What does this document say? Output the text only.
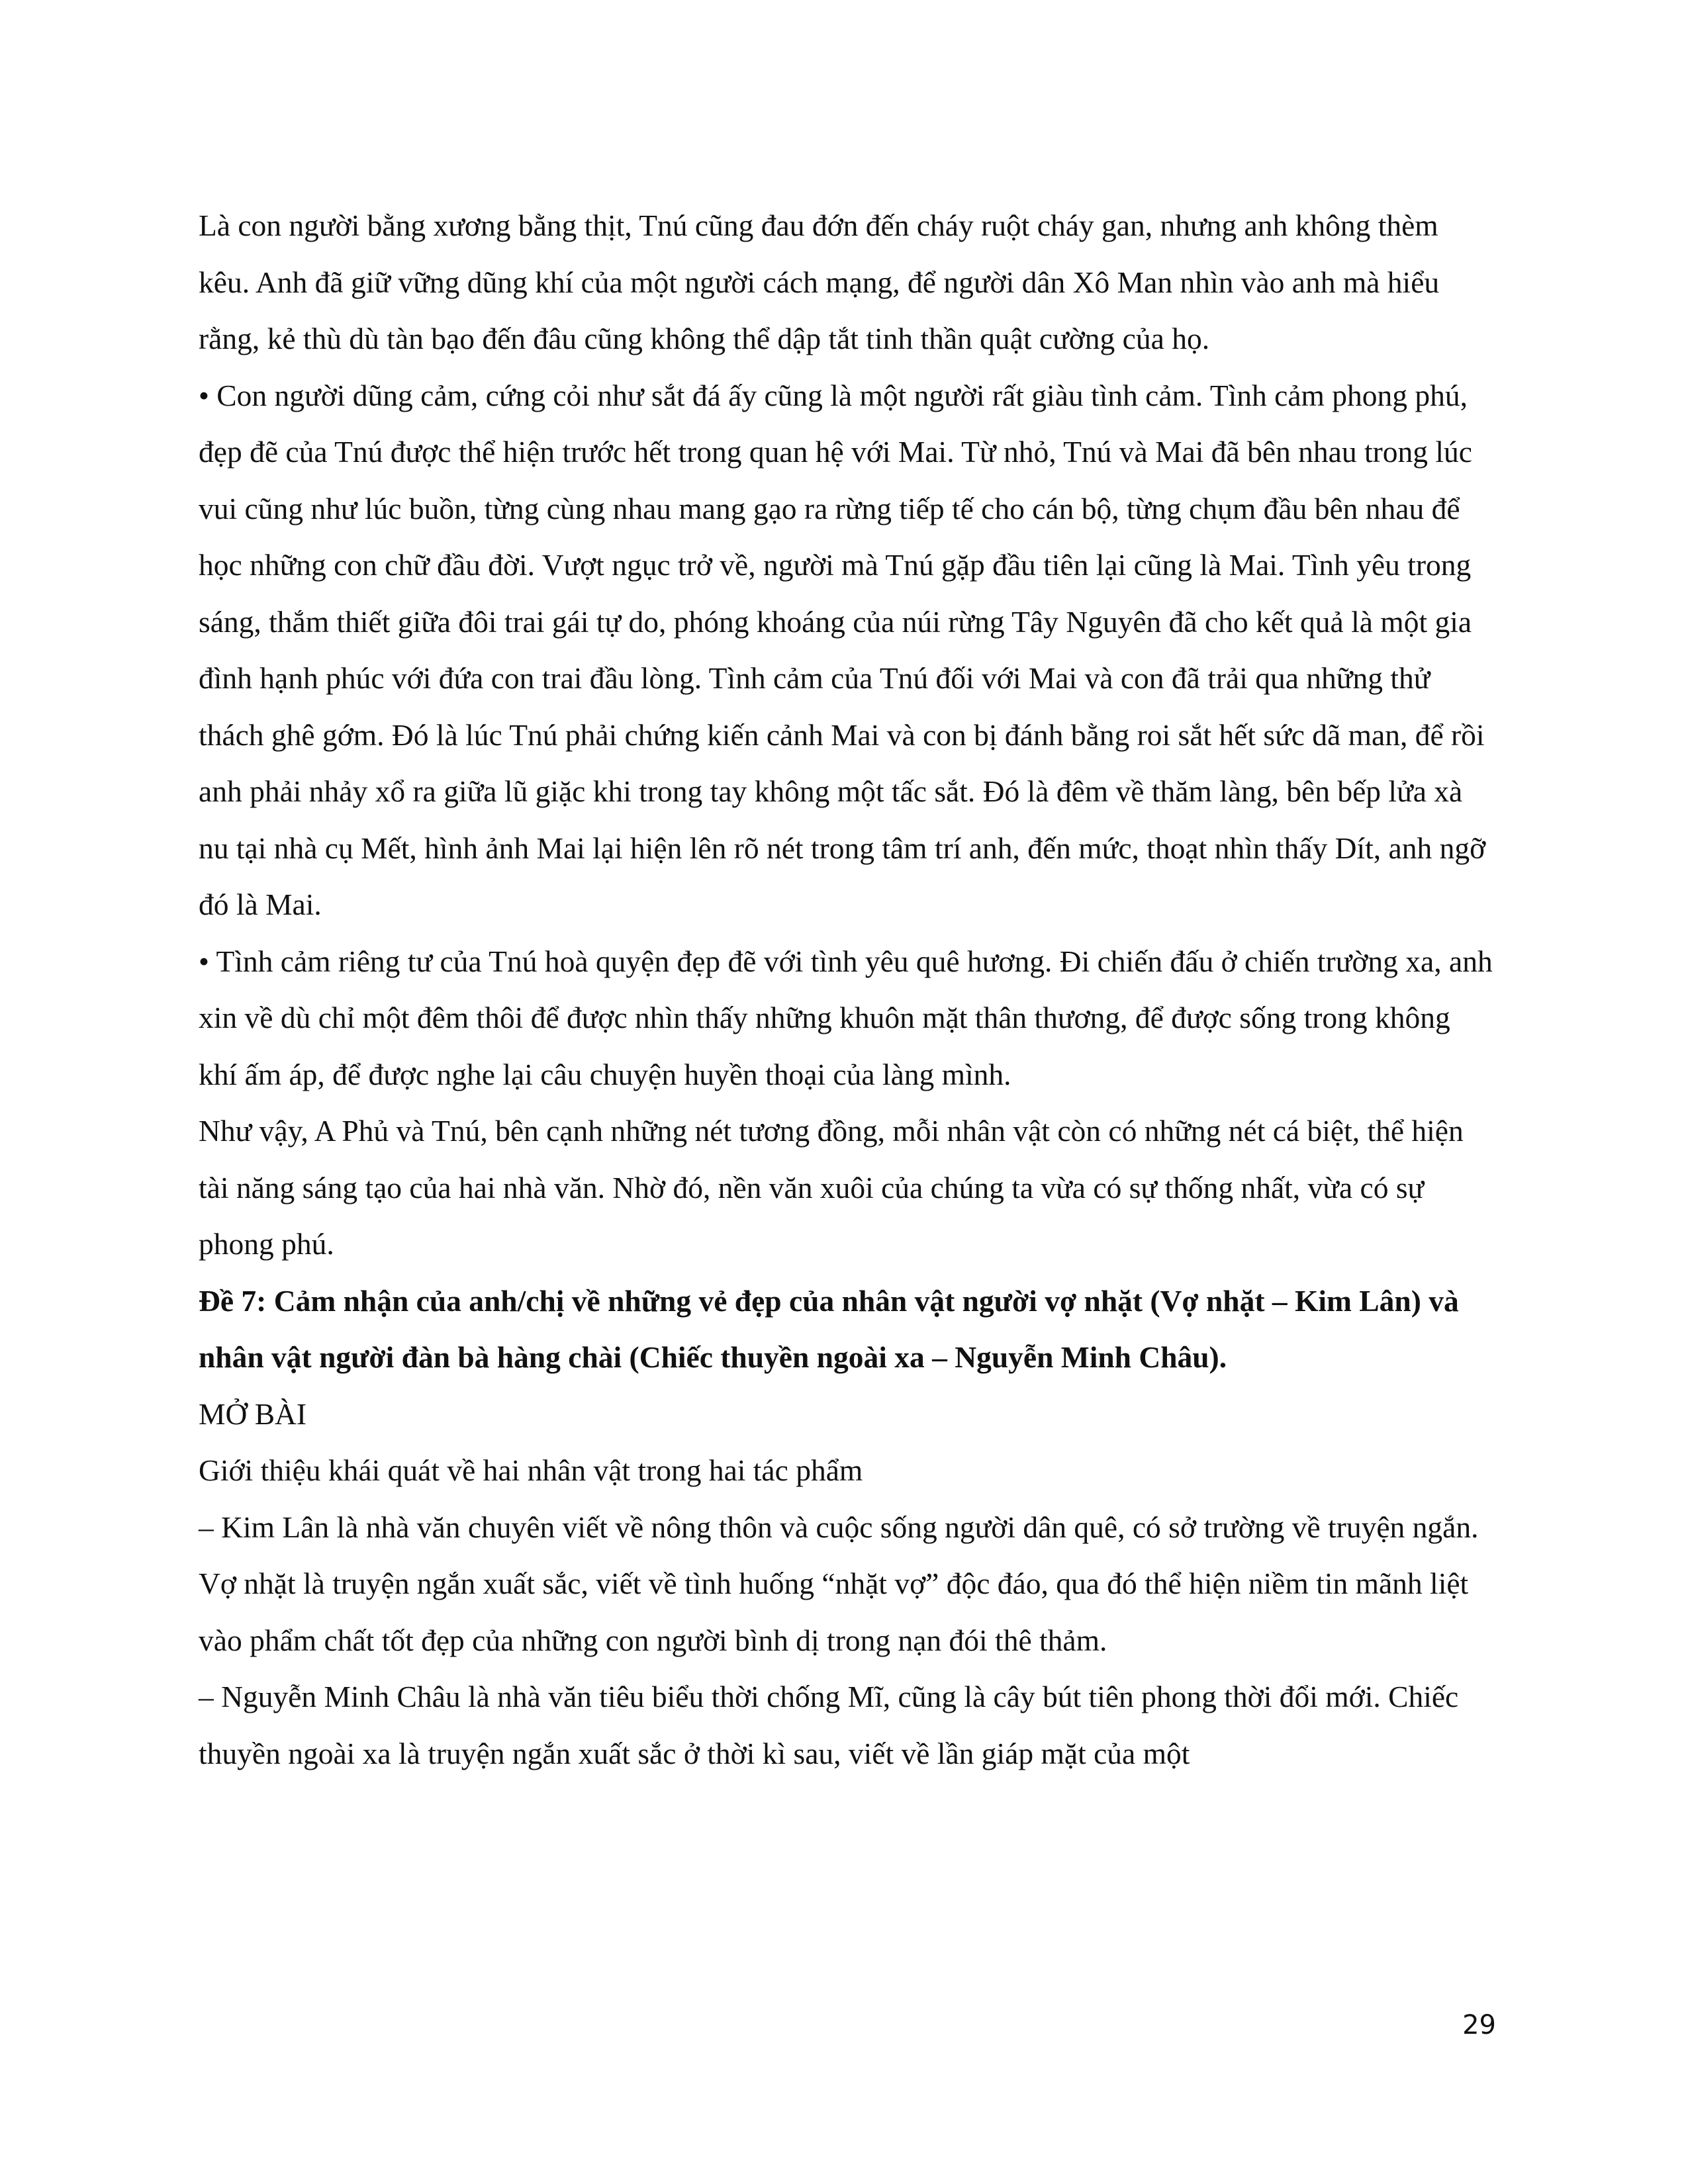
Là con người bằng xương bằng thịt, Tnú cũng đau đớn đến cháy ruột cháy gan, nhưng anh không thèm kêu. Anh đã giữ vững dũng khí của một người cách mạng, để người dân Xô Man nhìn vào anh mà hiểu rằng, kẻ thù dù tàn bạo đến đâu cũng không thể dập tắt tinh thần quật cường của họ.

• Con người dũng cảm, cứng cỏi như sắt đá ấy cũng là một người rất giàu tình cảm. Tình cảm phong phú, đẹp đẽ của Tnú được thể hiện trước hết trong quan hệ với Mai. Từ nhỏ, Tnú và Mai đã bên nhau trong lúc vui cũng như lúc buồn, từng cùng nhau mang gạo ra rừng tiếp tế cho cán bộ, từng chụm đầu bên nhau để học những con chữ đầu đời. Vượt ngục trở về, người mà Tnú gặp đầu tiên lại cũng là Mai. Tình yêu trong sáng, thắm thiết giữa đôi trai gái tự do, phóng khoáng của núi rừng Tây Nguyên đã cho kết quả là một gia đình hạnh phúc với đứa con trai đầu lòng. Tình cảm của Tnú đối với Mai và con đã trải qua những thử thách ghê gớm. Đó là lúc Tnú phải chứng kiến cảnh Mai và con bị đánh bằng roi sắt hết sức dã man, để rồi anh phải nhảy xổ ra giữa lũ giặc khi trong tay không một tấc sắt. Đó là đêm về thăm làng, bên bếp lửa xà nu tại nhà cụ Mết, hình ảnh Mai lại hiện lên rõ nét trong tâm trí anh, đến mức, thoạt nhìn thấy Dít, anh ngỡ đó là Mai.

• Tình cảm riêng tư của Tnú hoà quyện đẹp đẽ với tình yêu quê hương. Đi chiến đấu ở chiến trường xa, anh xin về dù chỉ một đêm thôi để được nhìn thấy những khuôn mặt thân thương, để được sống trong không khí ấm áp, để được nghe lại câu chuyện huyền thoại của làng mình.

Như vậy, A Phủ và Tnú, bên cạnh những nét tương đồng, mỗi nhân vật còn có những nét cá biệt, thể hiện tài năng sáng tạo của hai nhà văn. Nhờ đó, nền văn xuôi của chúng ta vừa có sự thống nhất, vừa có sự phong phú.

Đề 7: Cảm nhận của anh/chị về những vẻ đẹp của nhân vật người vợ nhặt (Vợ nhặt – Kim Lân) và nhân vật người đàn bà hàng chài (Chiếc thuyền ngoài xa – Nguyễn Minh Châu).

MỞ BÀI

Giới thiệu khái quát về hai nhân vật trong hai tác phẩm

– Kim Lân là nhà văn chuyên viết về nông thôn và cuộc sống người dân quê, có sở trường về truyện ngắn. Vợ nhặt là truyện ngắn xuất sắc, viết về tình huống “nhặt vợ” độc đáo, qua đó thể hiện niềm tin mãnh liệt vào phẩm chất tốt đẹp của những con người bình dị trong nạn đói thê thảm.

– Nguyễn Minh Châu là nhà văn tiêu biểu thời chống Mĩ, cũng là cây bút tiên phong thời đổi mới. Chiếc thuyền ngoài xa là truyện ngắn xuất sắc ở thời kì sau, viết về lần giáp mặt của một

29
